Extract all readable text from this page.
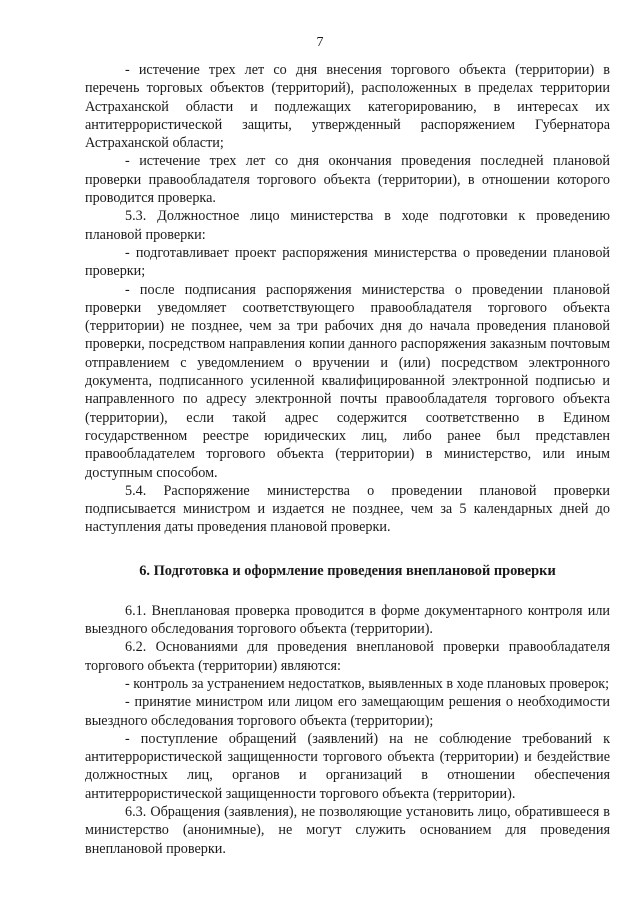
7

- истечение трех лет со дня внесения торгового объекта (территории) в перечень торговых объектов (территорий), расположенных в пределах территории Астраханской области и подлежащих категорированию, в интересах их антитеррористической защиты, утвержденный распоряжением Губернатора Астраханской области;

- истечение трех лет со дня окончания проведения последней плановой проверки правообладателя торгового объекта (территории), в отношении которого проводится проверка.

5.3. Должностное лицо министерства в ходе подготовки к проведению плановой проверки:

- подготавливает проект распоряжения министерства о проведении плановой проверки;

- после подписания распоряжения министерства о проведении плановой проверки уведомляет соответствующего правообладателя торгового объекта (территории) не позднее, чем за три рабочих дня до начала проведения плановой проверки, посредством направления копии данного распоряжения заказным почтовым отправлением с уведомлением о вручении и (или) посредством электронного документа, подписанного усиленной квалифицированной электронной подписью и направленного по адресу электронной почты правообладателя торгового объекта (территории), если такой адрес содержится соответственно в Едином государственном реестре юридических лиц, либо ранее был представлен правообладателем торгового объекта (территории) в министерство, или иным доступным способом.

5.4. Распоряжение министерства о проведении плановой проверки подписывается министром и издается не позднее, чем за 5 календарных дней до наступления даты проведения плановой проверки.

6. Подготовка и оформление проведения внеплановой проверки

6.1. Внеплановая проверка проводится в форме документарного контроля или выездного обследования торгового объекта (территории).

6.2. Основаниями для проведения внеплановой проверки правообладателя торгового объекта (территории) являются:

- контроль за устранением недостатков, выявленных в ходе плановых проверок;

- принятие министром или лицом его замещающим решения о необходимости выездного обследования торгового объекта (территории);

- поступление обращений (заявлений) на не соблюдение требований к антитеррористической защищенности торгового объекта (территории) и бездействие должностных лиц, органов и организаций в отношении обеспечения антитеррористической защищенности торгового объекта (территории).

6.3. Обращения (заявления), не позволяющие установить лицо, обратившееся в министерство (анонимные), не могут служить основанием для проведения внеплановой проверки.
